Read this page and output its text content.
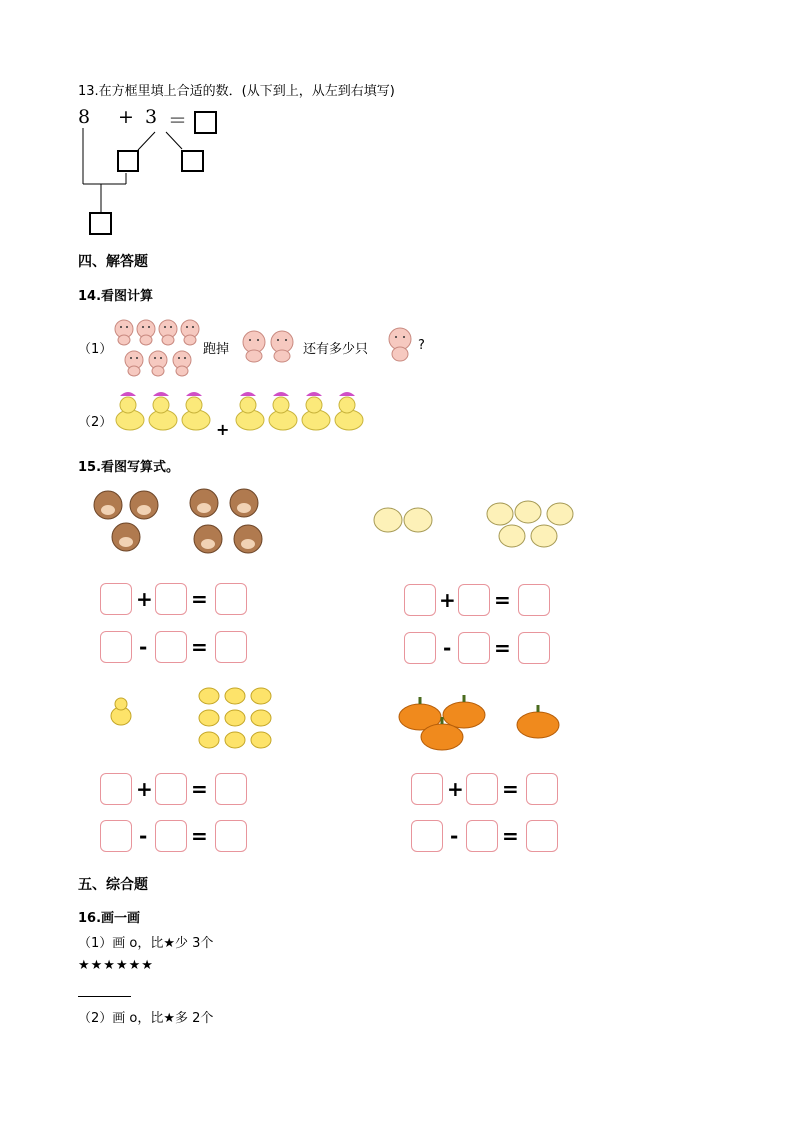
13.在方框里填上合适的数．(从下到上，从左到右填写)
8 + 3 ＝
四、解答题
14.看图计算
（1）	跑掉	还有多少只	?
（2）	+
15.看图写算式。
+ =
- =
+ =
- =
+ =
- =
+ =
- =
五、综合题
16.画一画
（1）画 o，比★少 3个
★★★★★★
（2）画 o，比★多 2个
